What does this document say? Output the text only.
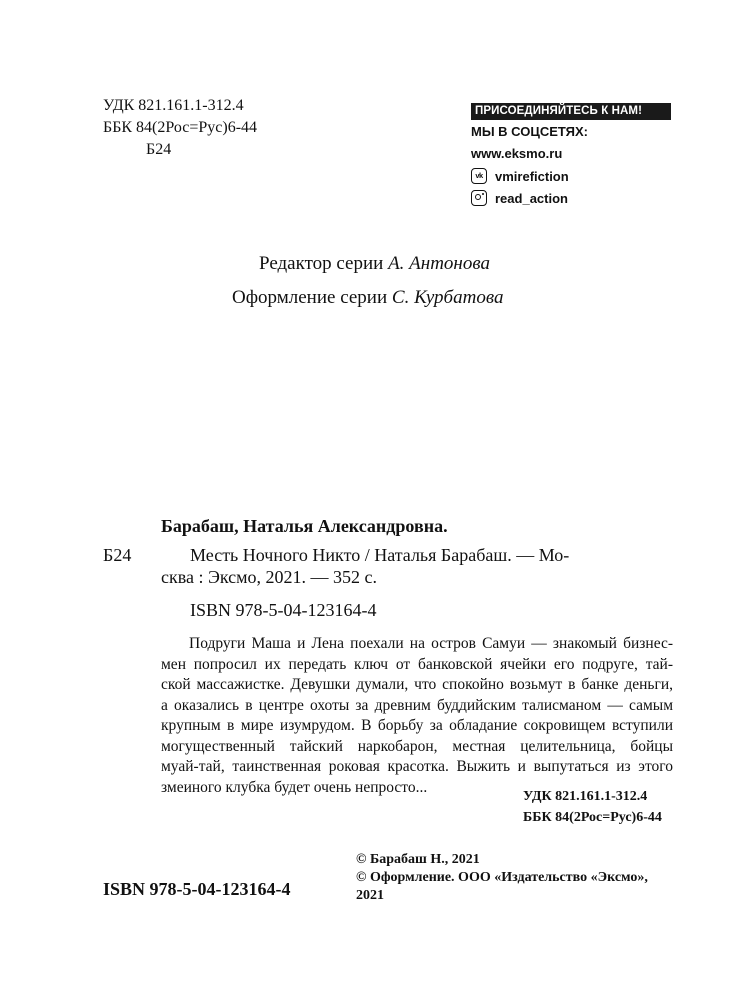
УДК 821.161.1-312.4
ББК 84(2Рос=Рус)6-44
Б24
ПРИСОЕДИНЯЙТЕСЬ К НАМ!
МЫ В СОЦСЕТЯХ:
www.eksmo.ru
vk vmirefiction
read_action
Редактор серии А. Антонова
Оформление серии С. Курбатова
Барабаш, Наталья Александровна.
Б24	Месть Ночного Никто / Наталья Барабаш. — Мо-
сква : Эксмо, 2021. — 352 с.
ISBN 978-5-04-123164-4

Подруги Маша и Лена поехали на остров Самуи — знакомый бизнес-

мен попросил их передать ключ от банковской ячейки его подруге, тай-

ской массажистке. Девушки думали, что спокойно возьмут в банке деньги,

а оказались в центре охоты за древним буддийским талисманом — самым

крупным в мире изумрудом. В борьбу за обладание сокровищем вступили

могущественный тайский наркобарон, местная целительница, бойцы

муай-тай, таинственная роковая красотка. Выжить и выпутаться из этого

змеиного клубка будет очень непросто...

УДК 821.161.1-312.4
ББК 84(2Рос=Рус)6-44
© Барабаш Н., 2021
© Оформление. ООО «Издательство «Эксмо»,
2021
ISBN 978-5-04-123164-4
